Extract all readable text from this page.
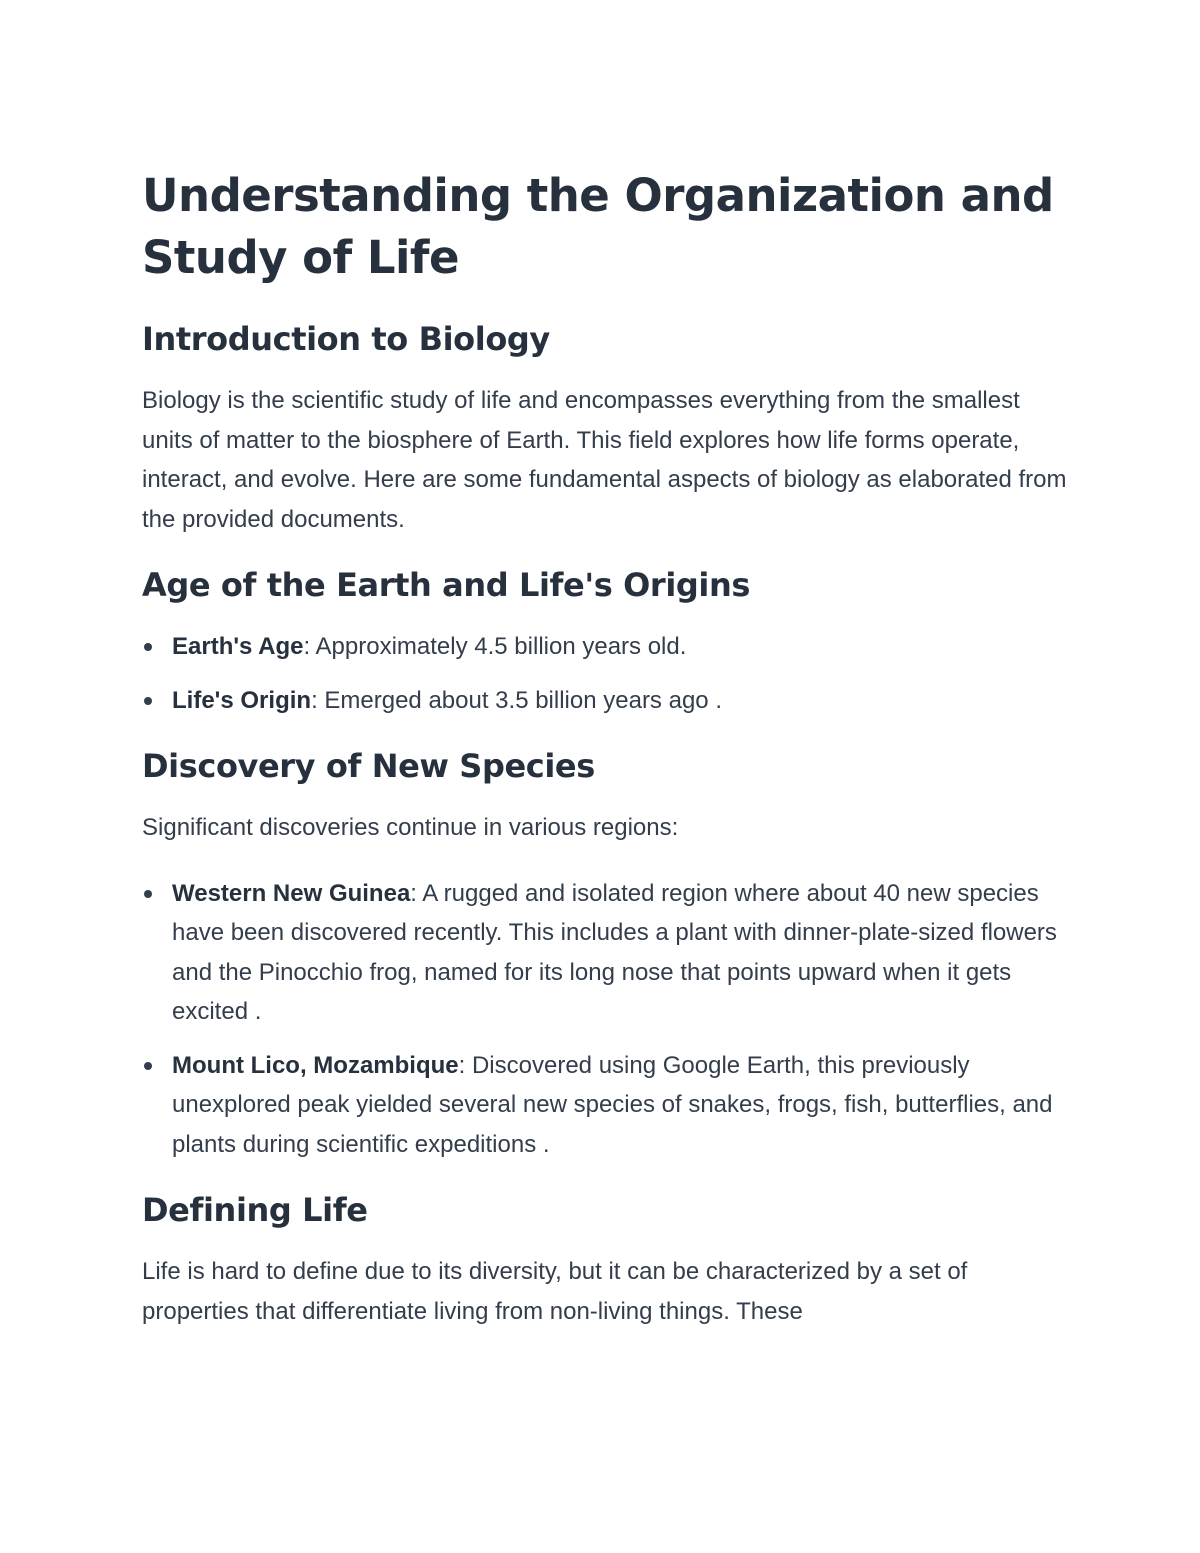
Understanding the Organization and Study of Life
Introduction to Biology

Biology is the scientific study of life and encompasses everything from the smallest units of matter to the biosphere of Earth. This field explores how life forms operate, interact, and evolve. Here are some fundamental aspects of biology as elaborated from the provided documents.

Age of the Earth and Life's Origins
Earth's Age: Approximately 4.5 billion years old.
Life's Origin: Emerged about 3.5 billion years ago .
Discovery of New Species

Significant discoveries continue in various regions:

Western New Guinea: A rugged and isolated region where about 40 new species have been discovered recently. This includes a plant with dinner-plate-sized flowers and the Pinocchio frog, named for its long nose that points upward when it gets excited .
Mount Lico, Mozambique: Discovered using Google Earth, this previously unexplored peak yielded several new species of snakes, frogs, fish, butterflies, and plants during scientific expeditions .
Defining Life

Life is hard to define due to its diversity, but it can be characterized by a set of properties that differentiate living from non-living things. These
